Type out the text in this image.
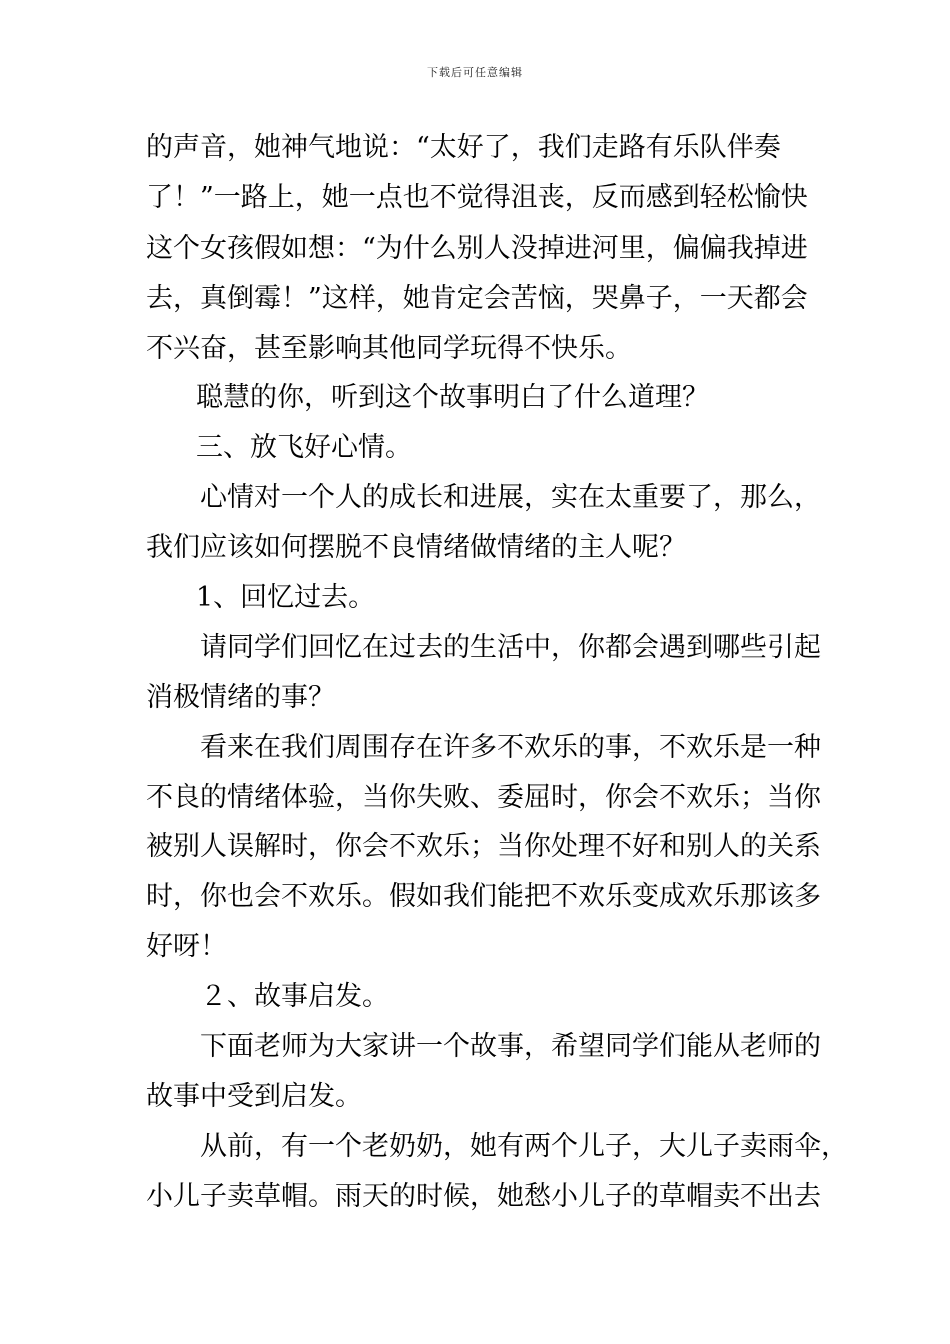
下载后可任意编辑
的声音，她神气地说：“太好了，我们走路有乐队伴奏
了！”一路上，她一点也不觉得沮丧，反而感到轻松愉快
这个女孩假如想：“为什么别人没掉进河里，偏偏我掉进
去，真倒霉！”这样，她肯定会苦恼，哭鼻子，一天都会
不兴奋，甚至影响其他同学玩得不快乐。
聪慧的你，听到这个故事明白了什么道理？
三、放飞好心情。
心情对一个人的成长和进展，实在太重要了，那么，
我们应该如何摆脱不良情绪做情绪的主人呢？
1、回忆过去。
请同学们回忆在过去的生活中，你都会遇到哪些引起
消极情绪的事？
看来在我们周围存在许多不欢乐的事，不欢乐是一种
不良的情绪体验，当你失败、委屈时，你会不欢乐；当你
被别人误解时，你会不欢乐；当你处理不好和别人的关系
时，你也会不欢乐。假如我们能把不欢乐变成欢乐那该多
好呀！
２、故事启发。
下面老师为大家讲一个故事，希望同学们能从老师的
故事中受到启发。
从前，有一个老奶奶，她有两个儿子，大儿子卖雨伞，
小儿子卖草帽。雨天的时候，她愁小儿子的草帽卖不出去
